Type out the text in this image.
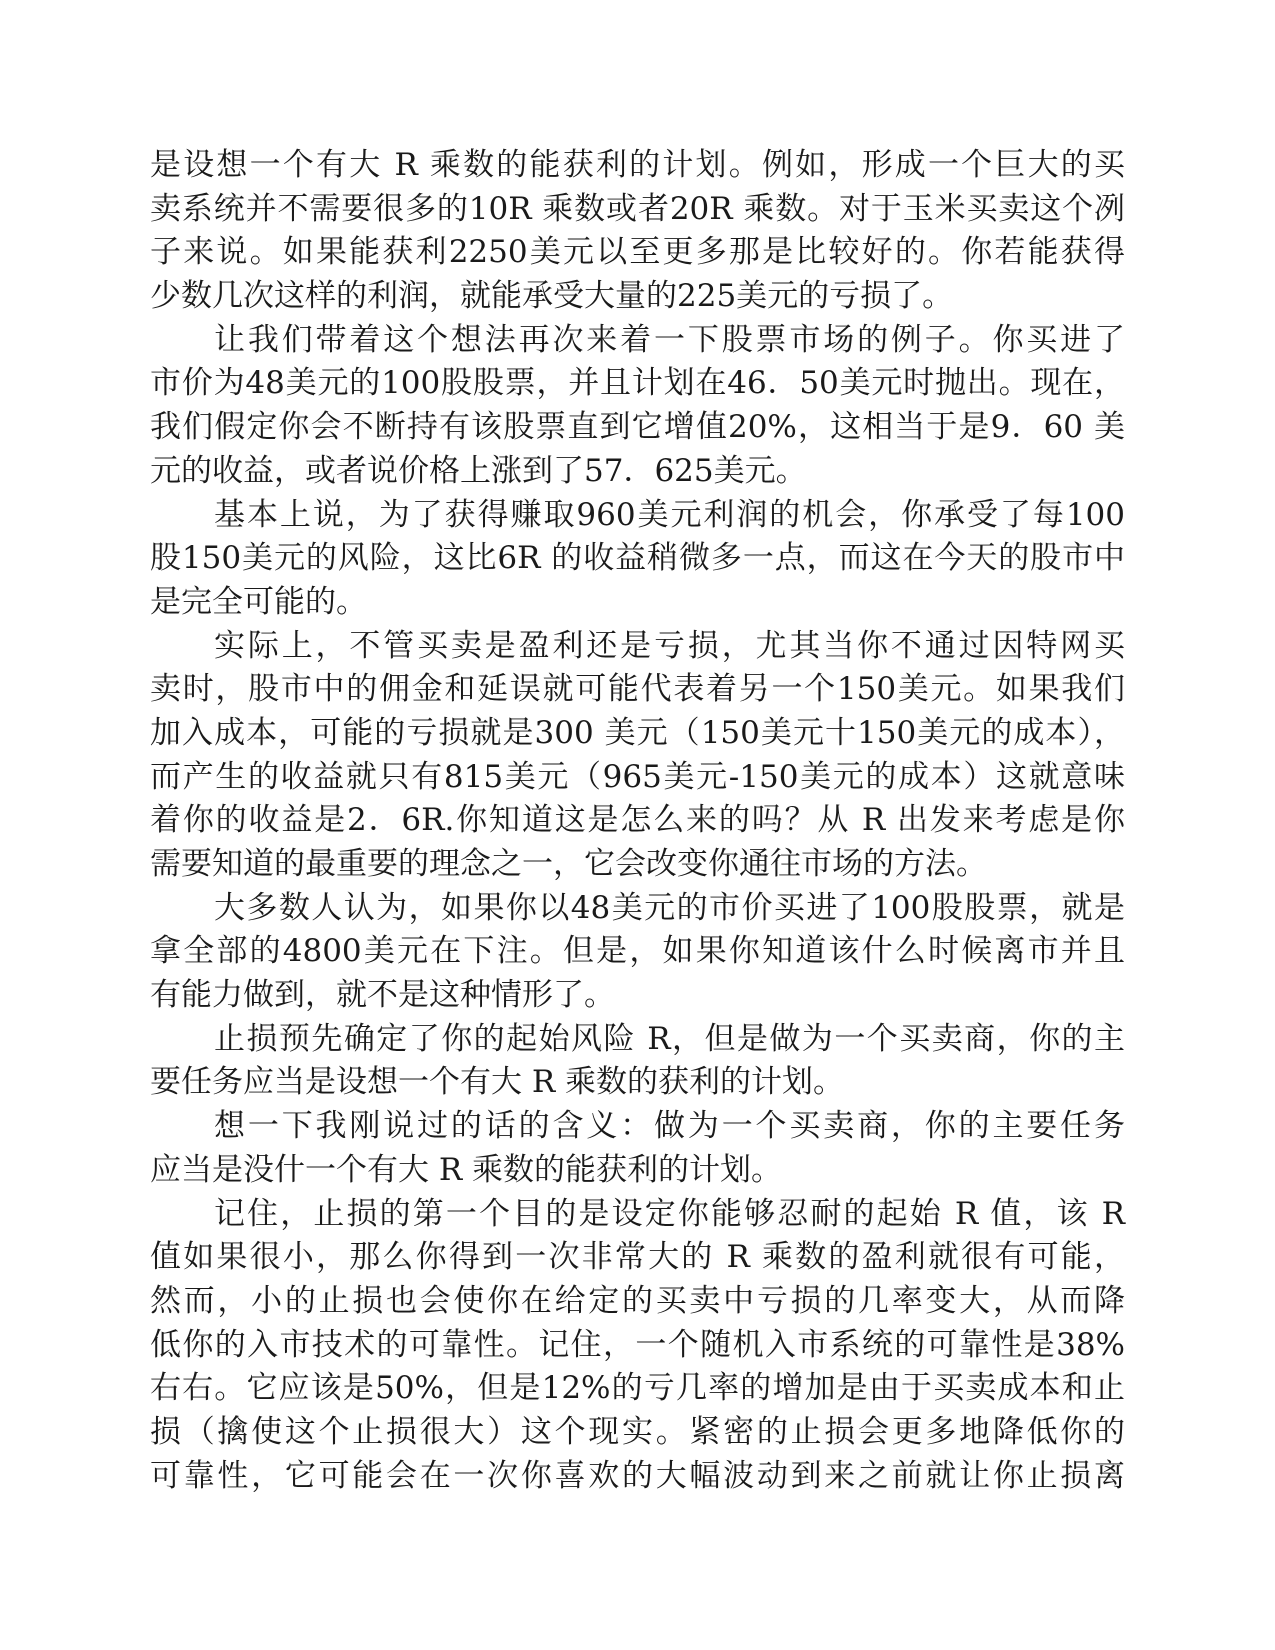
是设想一个有大 R 乘数的能获利的计划。例如，形成一个巨大的买
卖系统并不需要很多的10R 乘数或者20R 乘数。对于玉米买卖这个冽
子来说。如果能获利2250美元以至更多那是比较好的。你若能获得
少数几次这样的利润，就能承受大量的225美元的亏损了。
让我们带着这个想法再次来着一下股票市场的例子。你买进了
市价为48美元的100股股票，并且计划在46．50美元时抛出。现在，
我们假定你会不断持有该股票直到它增值20%，这相当于是9．60 美
元的收益，或者说价格上涨到了57．625美元。
基本上说，为了获得赚取960美元利润的机会，你承受了每100
股150美元的风险，这比6R 的收益稍微多一点，而这在今天的股市中
是完全可能的。
实际上，不管买卖是盈利还是亏损，尤其当你不通过因特网买
卖时，股市中的佣金和延误就可能代表着另一个150美元。如果我们
加入成本，可能的亏损就是300 美元（150美元十150美元的成本），
而产生的收益就只有815美元（965美元-150美元的成本）这就意味
着你的收益是2．6R.你知道这是怎么来的吗？从 R 出发来考虑是你
需要知道的最重要的理念之一，它会改变你通往市场的方法。
大多数人认为，如果你以48美元的市价买进了100股股票，就是
拿全部的4800美元在下注。但是，如果你知道该什么时候离市并且
有能力做到，就不是这种情形了。
止损预先确定了你的起始风险 R，但是做为一个买卖商，你的主
要任务应当是设想一个有大 R 乘数的获利的计划。
想一下我刚说过的话的含义：做为一个买卖商，你的主要任务
应当是没什一个有大 R 乘数的能获利的计划。
记住，止损的第一个目的是设定你能够忍耐的起始 R 值，该 R
值如果很小，那么你得到一次非常大的 R 乘数的盈利就很有可能，
然而，小的止损也会使你在给定的买卖中亏损的几率变大，从而降
低你的入市技术的可靠性。记住，一个随机入市系统的可靠性是38%
右右。它应该是50%，但是12%的亏几率的增加是由于买卖成本和止
损（擒使这个止损很大）这个现实。紧密的止损会更多地降低你的
可靠性，它可能会在一次你喜欢的大幅波动到来之前就让你止损离
